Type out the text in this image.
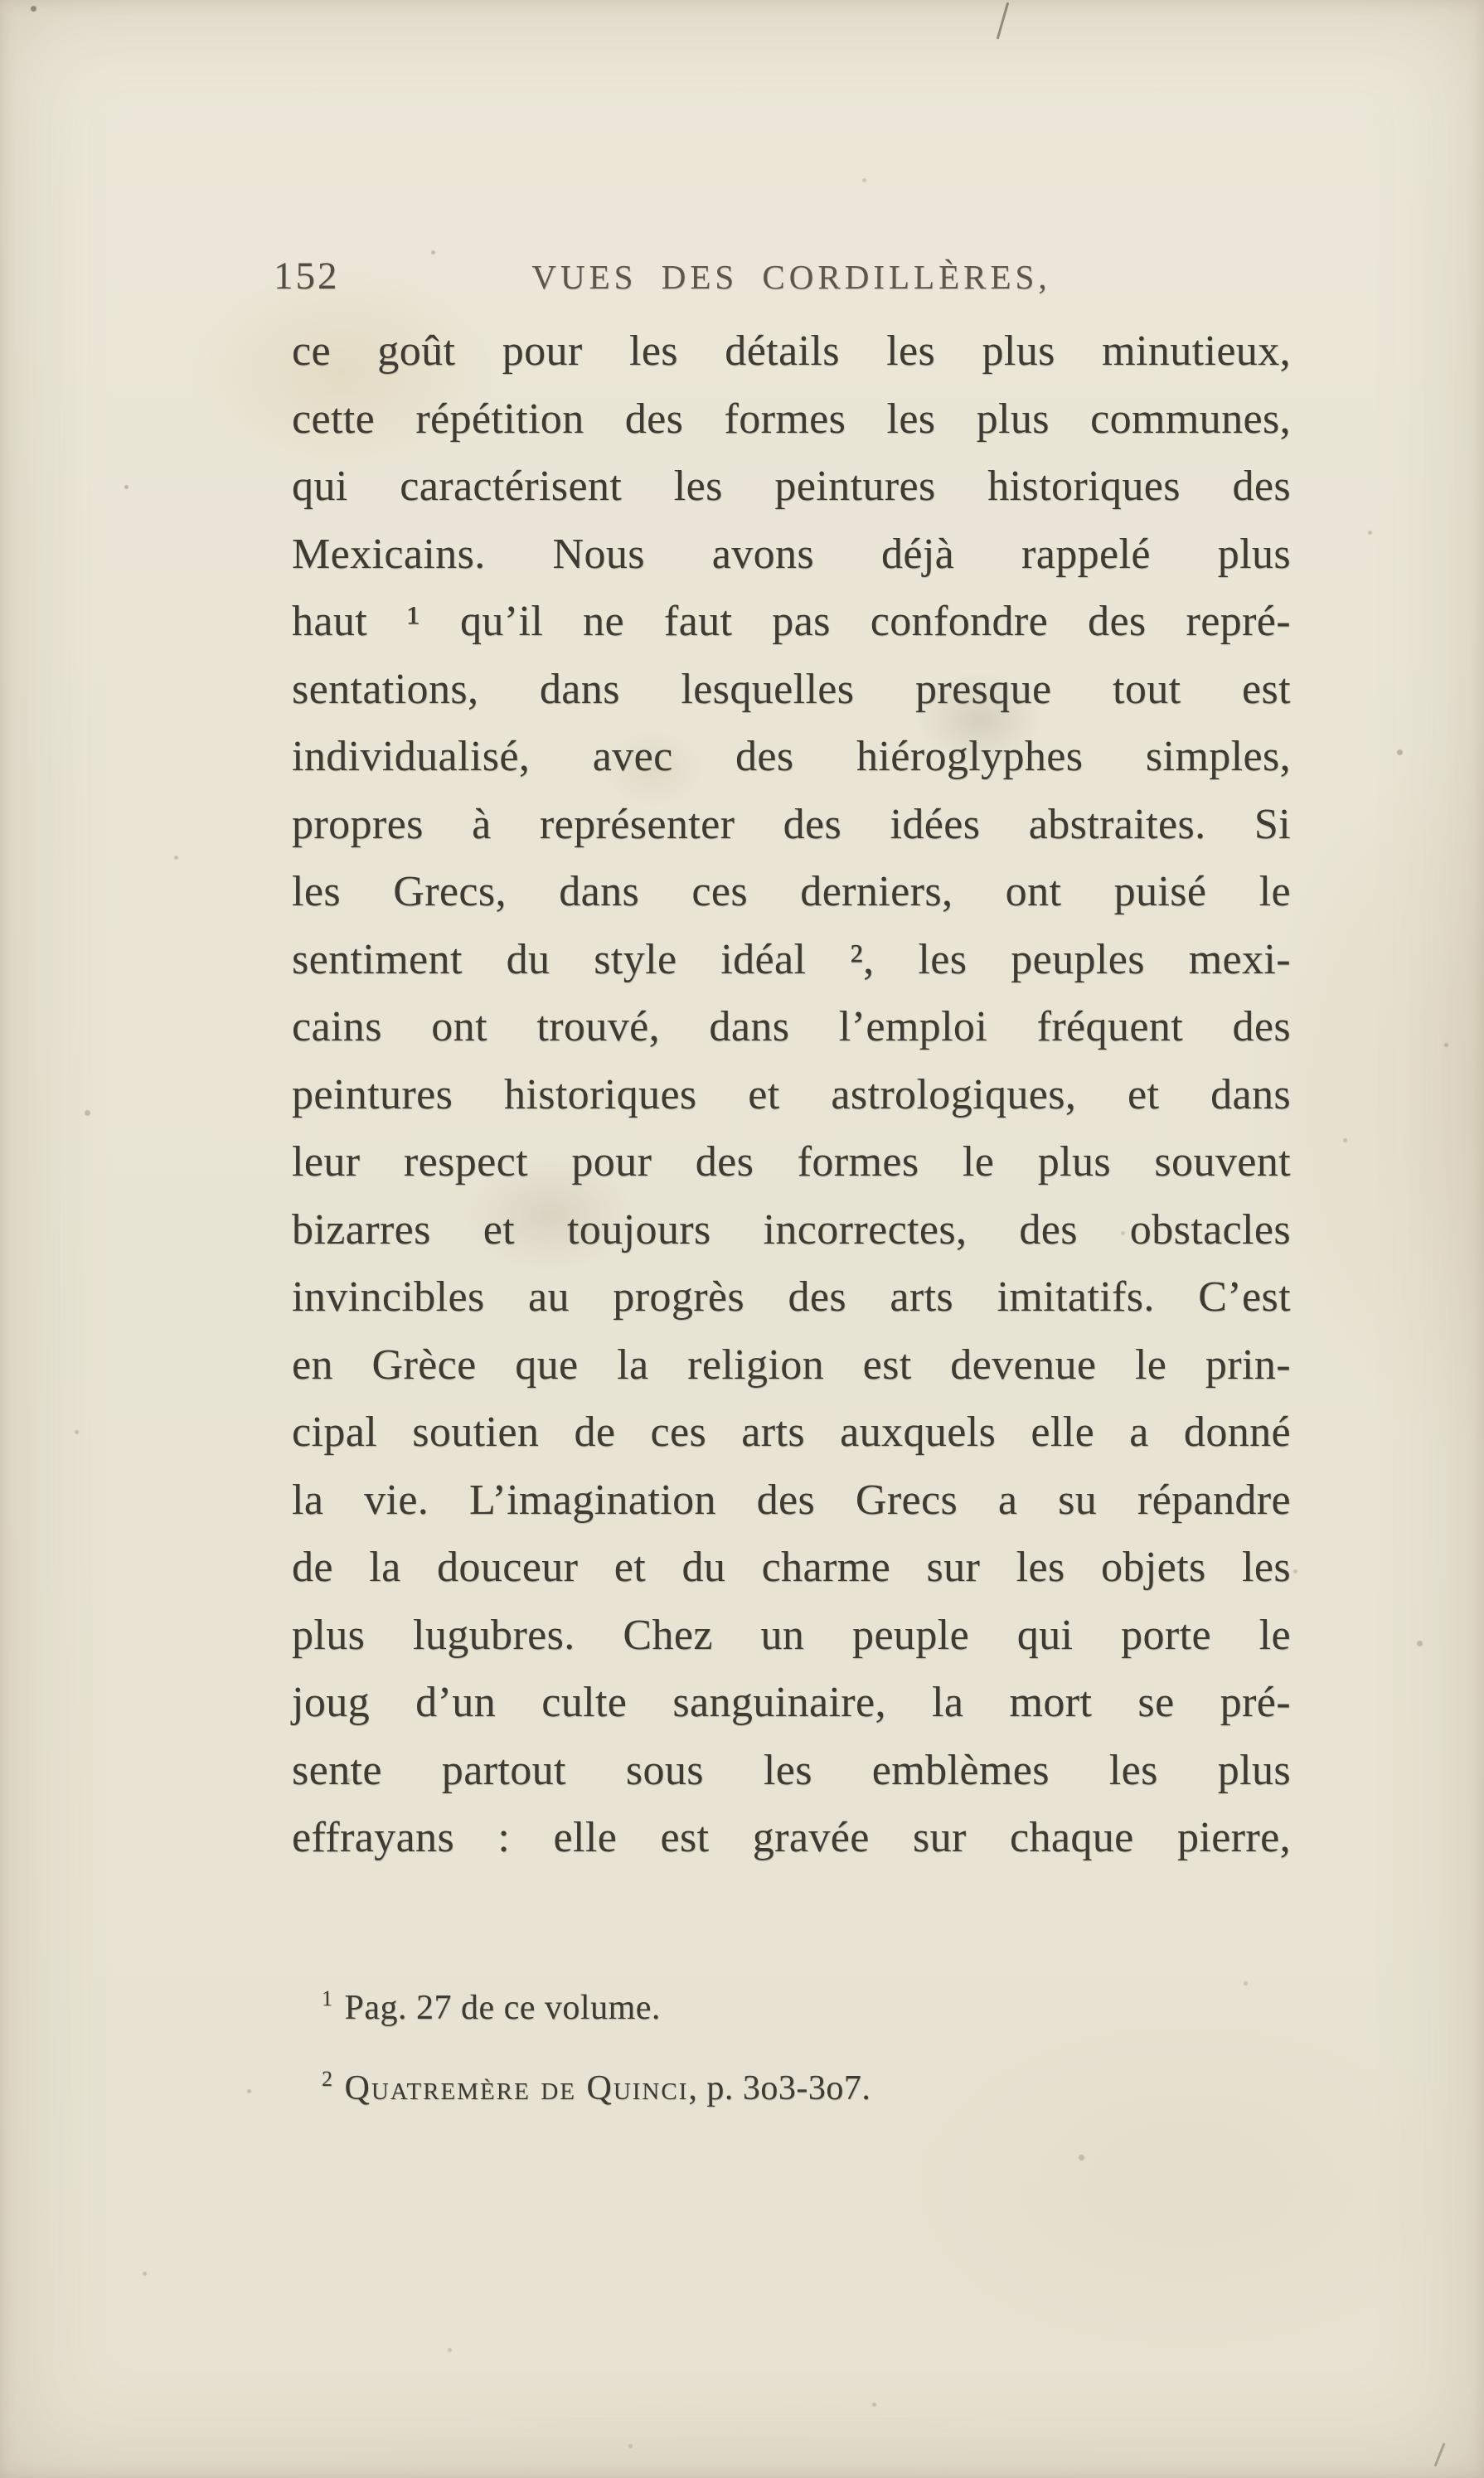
152	VUES DES CORDILLÈRES,
ce goût pour les détails les plus minutieux,
cette répétition des formes les plus communes,
qui caractérisent les peintures historiques des
Mexicains. Nous avons déjà rappelé plus
haut ¹ qu’il ne faut pas confondre des repré-
sentations, dans lesquelles presque tout est
individualisé, avec des hiéroglyphes simples,
propres à représenter des idées abstraites. Si
les Grecs, dans ces derniers, ont puisé le
sentiment du style idéal ², les peuples mexi-
cains ont trouvé, dans l’emploi fréquent des
peintures historiques et astrologiques, et dans
leur respect pour des formes le plus souvent
bizarres et toujours incorrectes, des obstacles
invincibles au progrès des arts imitatifs. C’est
en Grèce que la religion est devenue le prin-
cipal soutien de ces arts auxquels elle a donné
la vie. L’imagination des Grecs a su répandre
de la douceur et du charme sur les objets les
plus lugubres. Chez un peuple qui porte le
joug d’un culte sanguinaire, la mort se pré-
sente partout sous les emblèmes les plus
effrayans : elle est gravée sur chaque pierre,
$^1$ Pag. 27 de ce volume.
$^2$ Quatremère de Quinci, p. 3o3-3o7.
